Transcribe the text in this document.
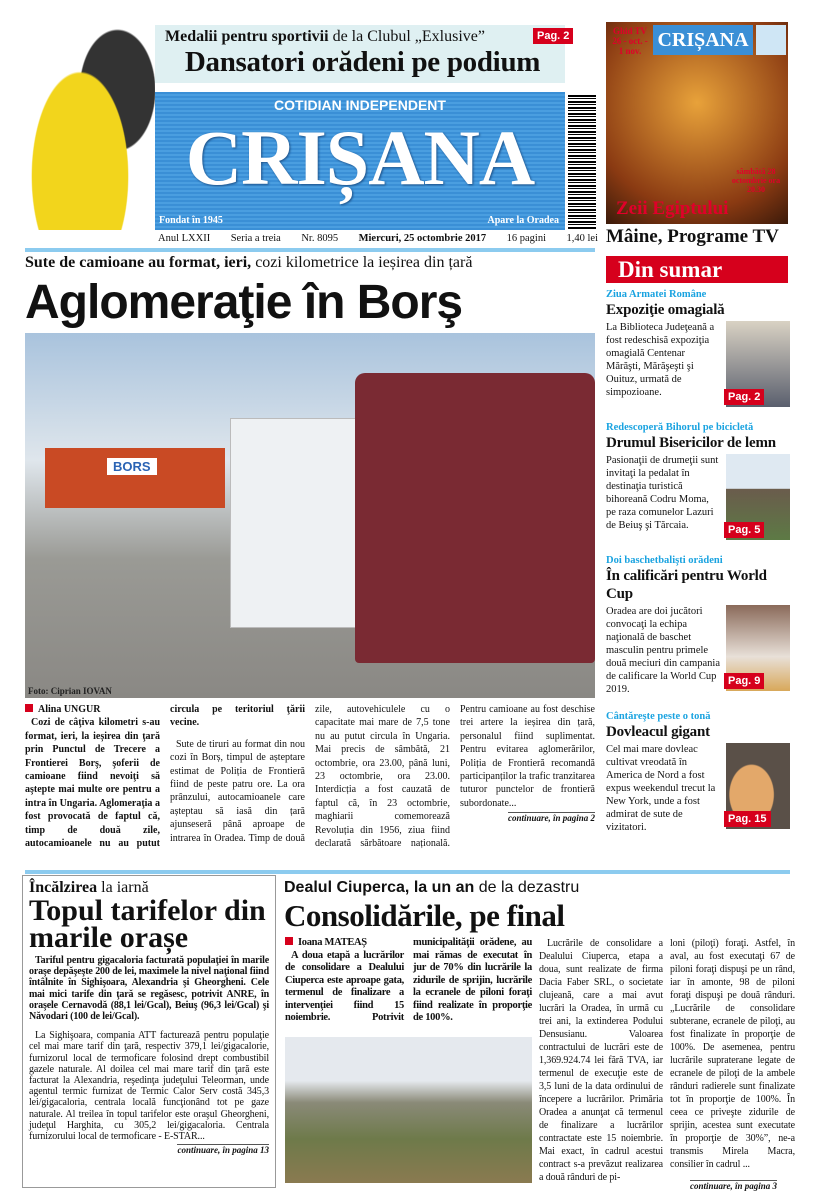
Medalii pentru sportivii de la Clubul „Exlusive”	Pag. 2
Dansatori orădeni pe podium
COTIDIAN INDEPENDENT
CRIȘANA
Fondat în 1945	Apare la Oradea
Anul LXXII Seria a treia Nr. 8095 Miercuri, 25 octombrie 2017 16 pagini 1,40 lei
Sute de camioane au format, ieri, cozi kilometrice la ieșirea din țară
Aglomeraţie în Borş
BORS
Foto: Ciprian IOVAN
Alina UNGUR

Cozi de câţiva kilometri s-au format, ieri, la ieșirea din ţară prin Punctul de Trecere a Frontierei Borş, şoferii de camioane fiind nevoiţi să aştepte mai multe ore pentru a intra în Ungaria. Aglomeraţia a fost provocată de faptul că, timp de două zile, autocamioanele nu au putut circula pe teritoriul ţării vecine.

Sute de tiruri au format din nou cozi în Borș, timpul de așteptare estimat de Poliția de Frontieră fiind de peste patru ore. La ora prânzului, autocamioanele care așteptau să iasă din țară ajunseseră până aproape de intrarea în Oradea. Timp de două zile, autovehiculele cu o capacitate mai mare de 7,5 tone nu au putut circula în Ungaria. Mai precis de sâmbătă, 21 octombrie, ora 23.00, până luni, 23 octombrie, ora 23.00. Interdicția a fost cauzată de faptul că, în 23 octombrie, maghiarii comemorează Revoluția din 1956, ziua fiind declarată sărbătoare națională. Pentru camioane au fost deschise trei artere la ieșirea din țară, personalul fiind suplimentat. Pentru evitarea aglomerărilor, Poliția de Frontieră recomandă participanților la trafic tranzitarea tuturor punctelor de frontieră subordonate...

continuare, în pagina 2
Ghid TV 26 - oct. - 1 nov. CRIȘANA
sâmbătă 28 octombrie ora 20.30
Zeii Egiptului
Mâine, Programe TV
Din sumar
Ziua Armatei Române
Expoziţie omagială
La Biblioteca Judeţeană a fost redeschisă expoziţia omagială Centenar Mărăşti, Mărăşeşti şi Ouituz, urmată de simpozioane.	Pag. 2
Redescoperă Bihorul pe bicicletă
Drumul Bisericilor de lemn
Pasionaţii de drumeţii sunt invitaţi la pedalat în destinaţia turistică bihoreană Codru Moma, pe raza comunelor Lazuri de Beiuş şi Tărcaia.	Pag. 5
Doi baschetbalişti orădeni
În calificări pentru World Cup
Oradea are doi jucători convocaţi la echipa naţională de baschet masculin pentru primele două meciuri din campania de calificare la World Cup 2019.
Pag. 9
Cântăreşte peste o tonă
Dovleacul gigant
Cel mai mare dovleac cultivat vreodată în America de Nord a fost expus weekendul trecut la New York, unde a fost admirat de sute de vizitatori.
Pag. 15
Încălzirea la iarnă
Topul tarifelor din marile orașe

Tariful pentru gigacaloria facturată populaţiei în marile oraşe depăşeşte 200 de lei, maximele la nivel naţional fiind întâlnite în Sighişoara, Alexandria şi Gheorgheni. Cele mai mici tarife din ţară se regăsesc, potrivit ANRE, în oraşele Cernavodă (88,1 lei/Gcal), Beiuş (96,3 lei/Gcal) şi Năvodari (100 de lei/Gcal).

La Sighişoara, compania ATT facturează pentru populaţie cel mai mare tarif din ţară, respectiv 379,1 lei/gigacalorie, furnizorul local de termoficare folosind drept combustibil gazele naturale. Al doilea cel mai mare tarif din ţară este facturat la Alexandria, reşedinţa judeţului Teleorman, unde agentul termic furnizat de Termic Calor Serv costă 345,3 lei/gigacaloria, centrala locală funcţionând tot pe gaze naturale. Al treilea în topul tarifelor este oraşul Gheorgheni, judeţul Harghita, cu 305,2 lei/gigacaloria. Centrala furnizorului local de termoficare - E-STAR...

continuare, în pagina 13
Dealul Ciuperca, la un an de la dezastru
Consolidările, pe final
Ioana MATEAȘ

A doua etapă a lucrărilor de consolidare a Dealului Ciuperca este aproape gata, termenul de finalizare a intervenţiei fiind 15 noiembrie. Potrivit municipalităţii orădene, au mai rămas de executat în jur de 70% din lucrările la zidurile de sprijin, lucrările la ecranele de piloni foraţi fiind realizate în proporţie de 100%.

Lucrările de consolidare a Dealului Ciuperca, etapa a doua, sunt realizate de firma Dacia Faber SRL, o societate clujeană, care a mai avut lucrări la Oradea, în urmă cu trei ani, la extinderea Podului Densusianu. Valoarea contractului de lucrări este de 1,369.924.74 lei fără TVA, iar termenul de execuţie este de 3,5 luni de la data ordinului de începere a lucrărilor. Primăria Oradea a anunţat că termenul de finalizare a lucrărilor contractate este 15 noiembrie. Mai exact, în cadrul acestui contract s-a prevăzut realizarea a două rânduri de pi-

loni (piloţi) foraţi. Astfel, în aval, au fost executaţi 67 de piloni foraţi dispuşi pe un rând, iar în amonte, 98 de piloni foraţi dispuşi pe două rânduri. „Lucrările de consolidare subterane, ecranele de piloţi, au fost finalizate în proporţie de 100%. De asemenea, pentru lucrările supraterane legate de ecranele de piloţi de la ambele rânduri radierele sunt finalizate tot în proporţie de 100%. În ceea ce priveşte zidurile de sprijin, acestea sunt executate în proporţie de 30%”, ne-a transmis Mirela Macra, consilier în cadrul ...

continuare, în pagina 3
